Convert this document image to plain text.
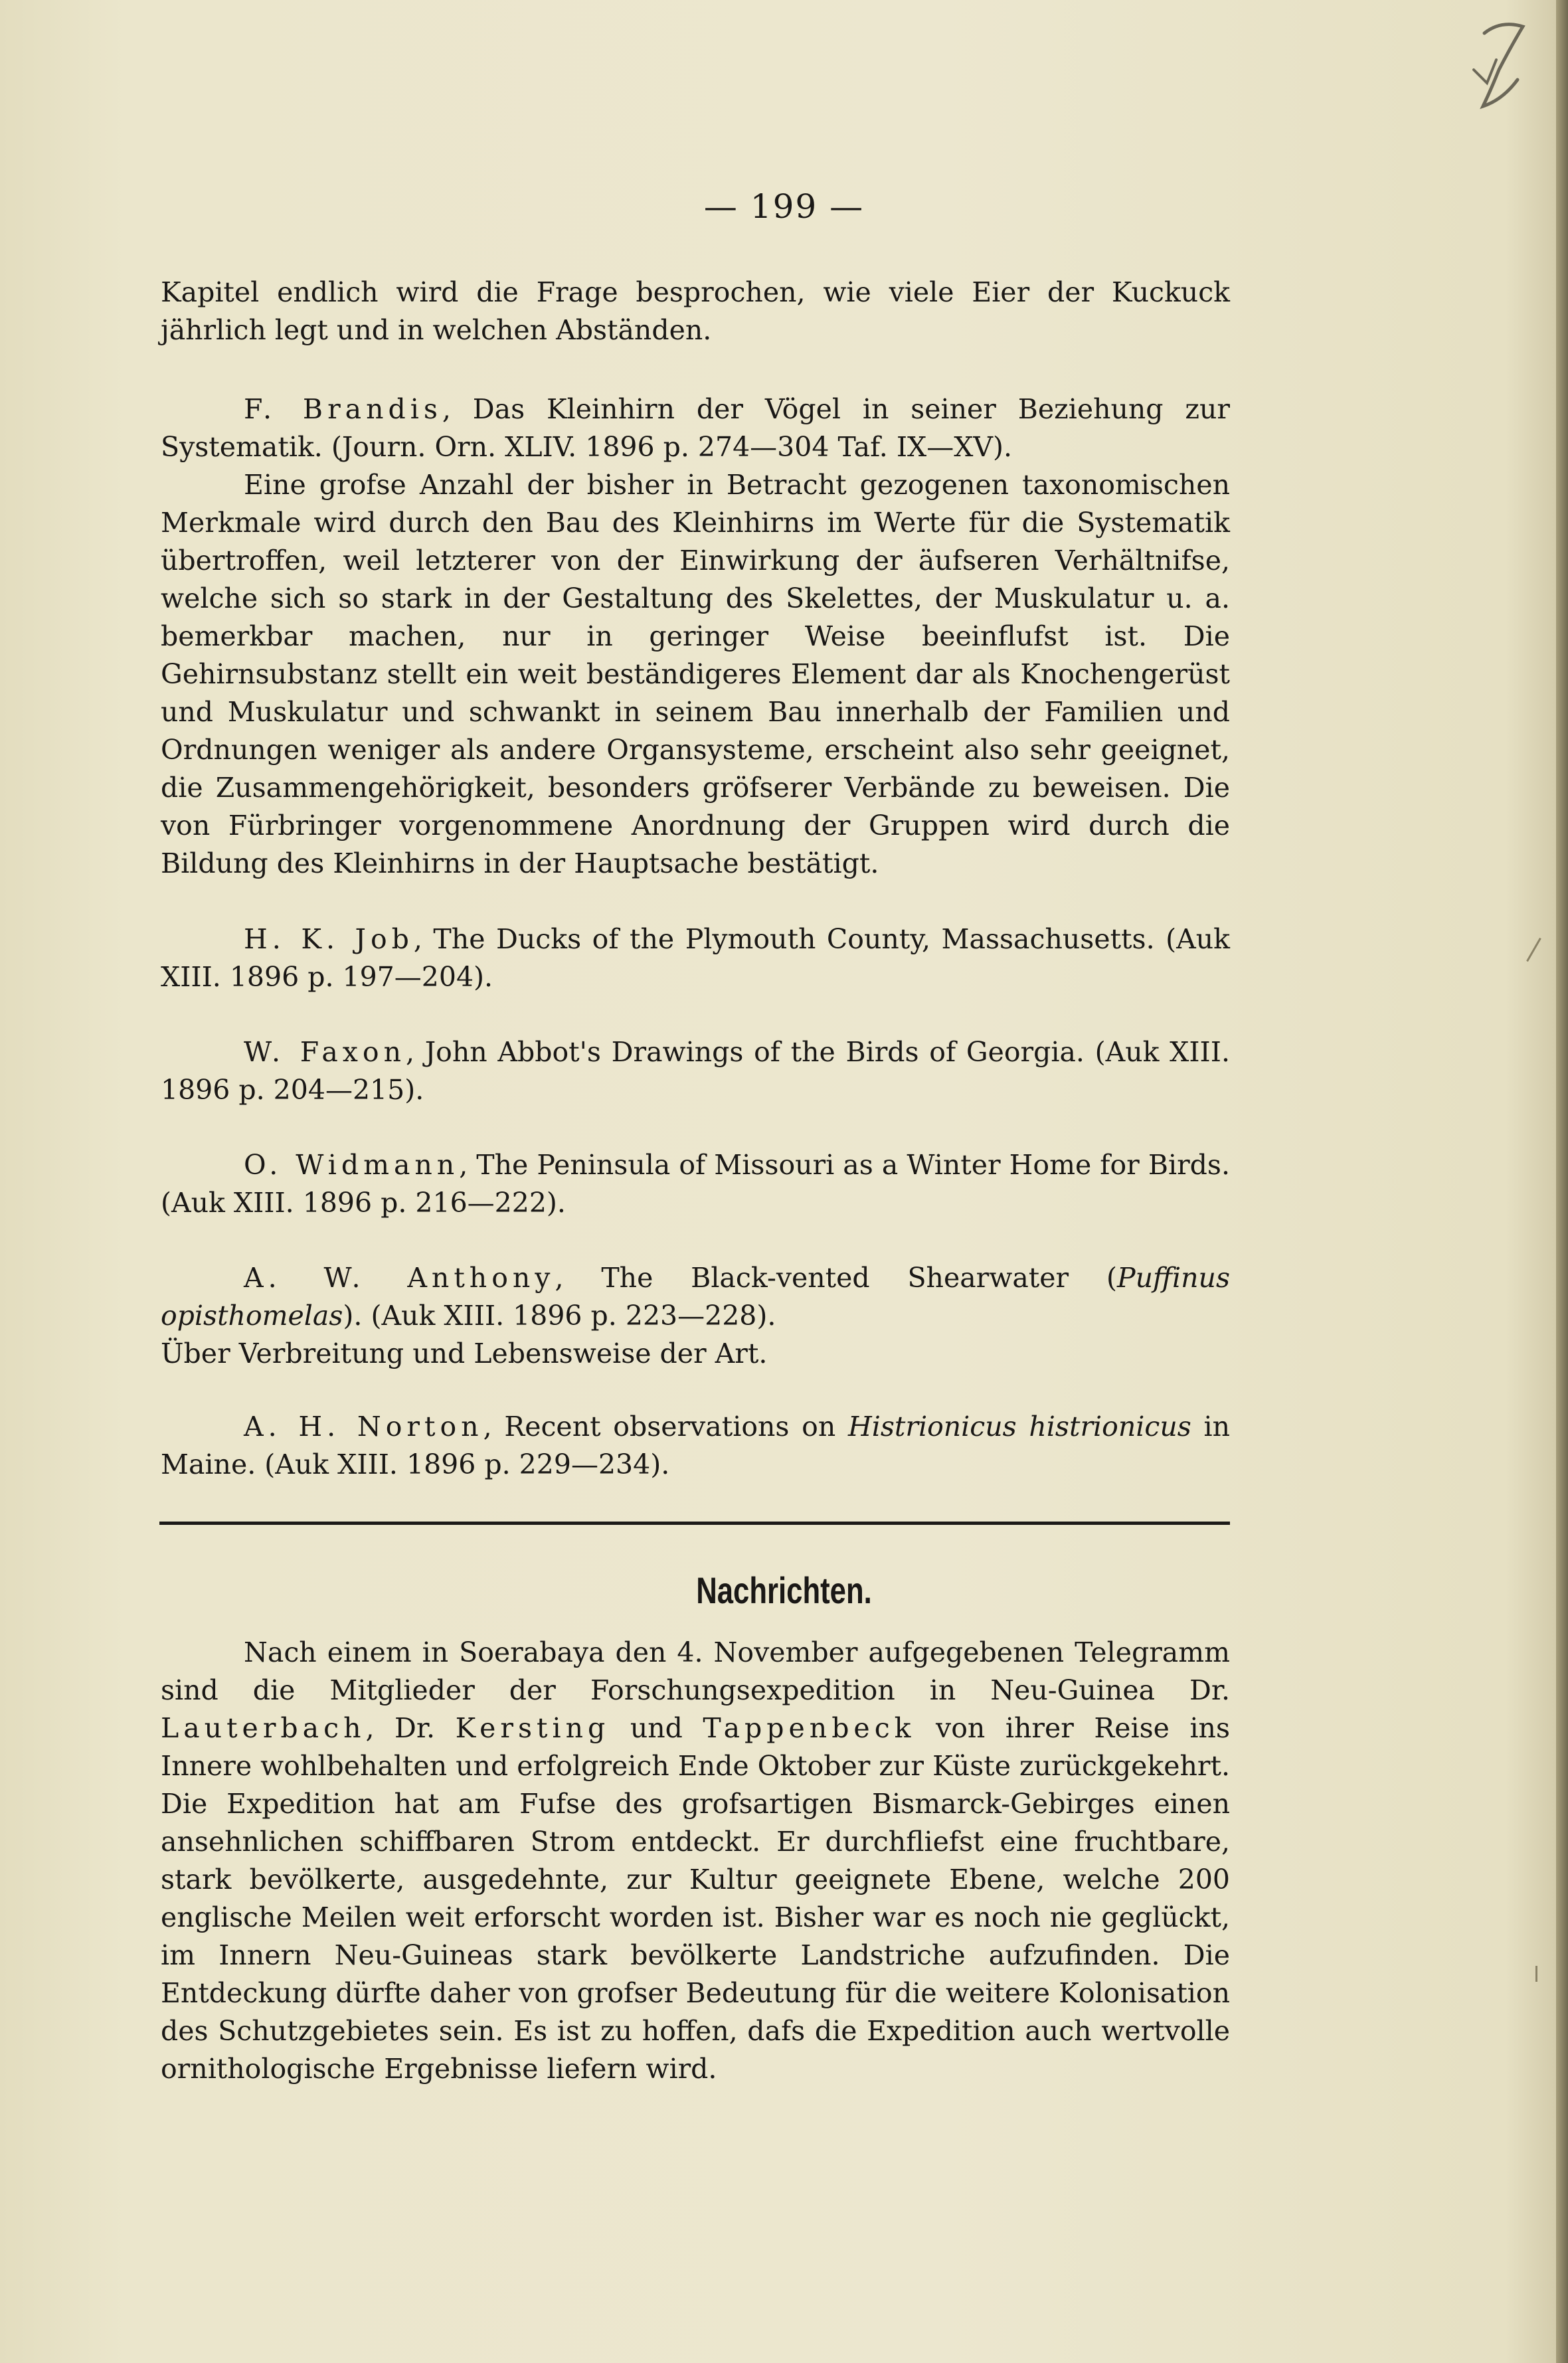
— 199 —

Kapitel endlich wird die Frage besprochen, wie viele Eier der Kuckuck jährlich legt und in welchen Abständen.

F. Brandis, Das Kleinhirn der Vögel in seiner Beziehung zur Systematik. (Journ. Orn. XLIV. 1896 p. 274—304 Taf. IX—XV).

Eine grofse Anzahl der bisher in Betracht gezogenen taxonomischen Merkmale wird durch den Bau des Kleinhirns im Werte für die Systematik übertroffen, weil letzterer von der Einwirkung der äufseren Verhältnifse, welche sich so stark in der Gestaltung des Skelettes, der Muskulatur u. a. bemerkbar machen, nur in geringer Weise beeinflufst ist. Die Gehirnsubstanz stellt ein weit beständigeres Element dar als Knochengerüst und Muskulatur und schwankt in seinem Bau innerhalb der Familien und Ordnungen weniger als andere Organsysteme, erscheint also sehr geeignet, die Zusammengehörigkeit, besonders gröfserer Verbände zu beweisen. Die von Fürbringer vorgenommene Anordnung der Gruppen wird durch die Bildung des Kleinhirns in der Hauptsache bestätigt.

H. K. Job, The Ducks of the Plymouth County, Massachusetts. (Auk XIII. 1896 p. 197—204).

W. Faxon, John Abbot's Drawings of the Birds of Georgia. (Auk XIII. 1896 p. 204—215).

O. Widmann, The Peninsula of Missouri as a Winter Home for Birds. (Auk XIII. 1896 p. 216—222).

A. W. Anthony, The Black-vented Shearwater (Puffinus opisthomelas). (Auk XIII. 1896 p. 223—228).

Über Verbreitung und Lebensweise der Art.

A. H. Norton, Recent observations on Histrionicus histrionicus in Maine. (Auk XIII. 1896 p. 229—234).

Nachrichten.

Nach einem in Soerabaya den 4. November aufgegebenen Telegramm sind die Mitglieder der Forschungsexpedition in Neu-Guinea Dr. Lauterbach, Dr. Kersting und Tappenbeck von ihrer Reise ins Innere wohlbehalten und erfolgreich Ende Oktober zur Küste zurückgekehrt. Die Expedition hat am Fufse des grofsartigen Bismarck-Gebirges einen ansehnlichen schiffbaren Strom entdeckt. Er durchfliefst eine fruchtbare, stark bevölkerte, ausgedehnte, zur Kultur geeignete Ebene, welche 200 englische Meilen weit erforscht worden ist. Bisher war es noch nie geglückt, im Innern Neu-Guineas stark bevölkerte Landstriche aufzufinden. Die Entdeckung dürfte daher von grofser Bedeutung für die weitere Kolonisation des Schutzgebietes sein. Es ist zu hoffen, dafs die Expedition auch wertvolle ornithologische Ergebnisse liefern wird.
